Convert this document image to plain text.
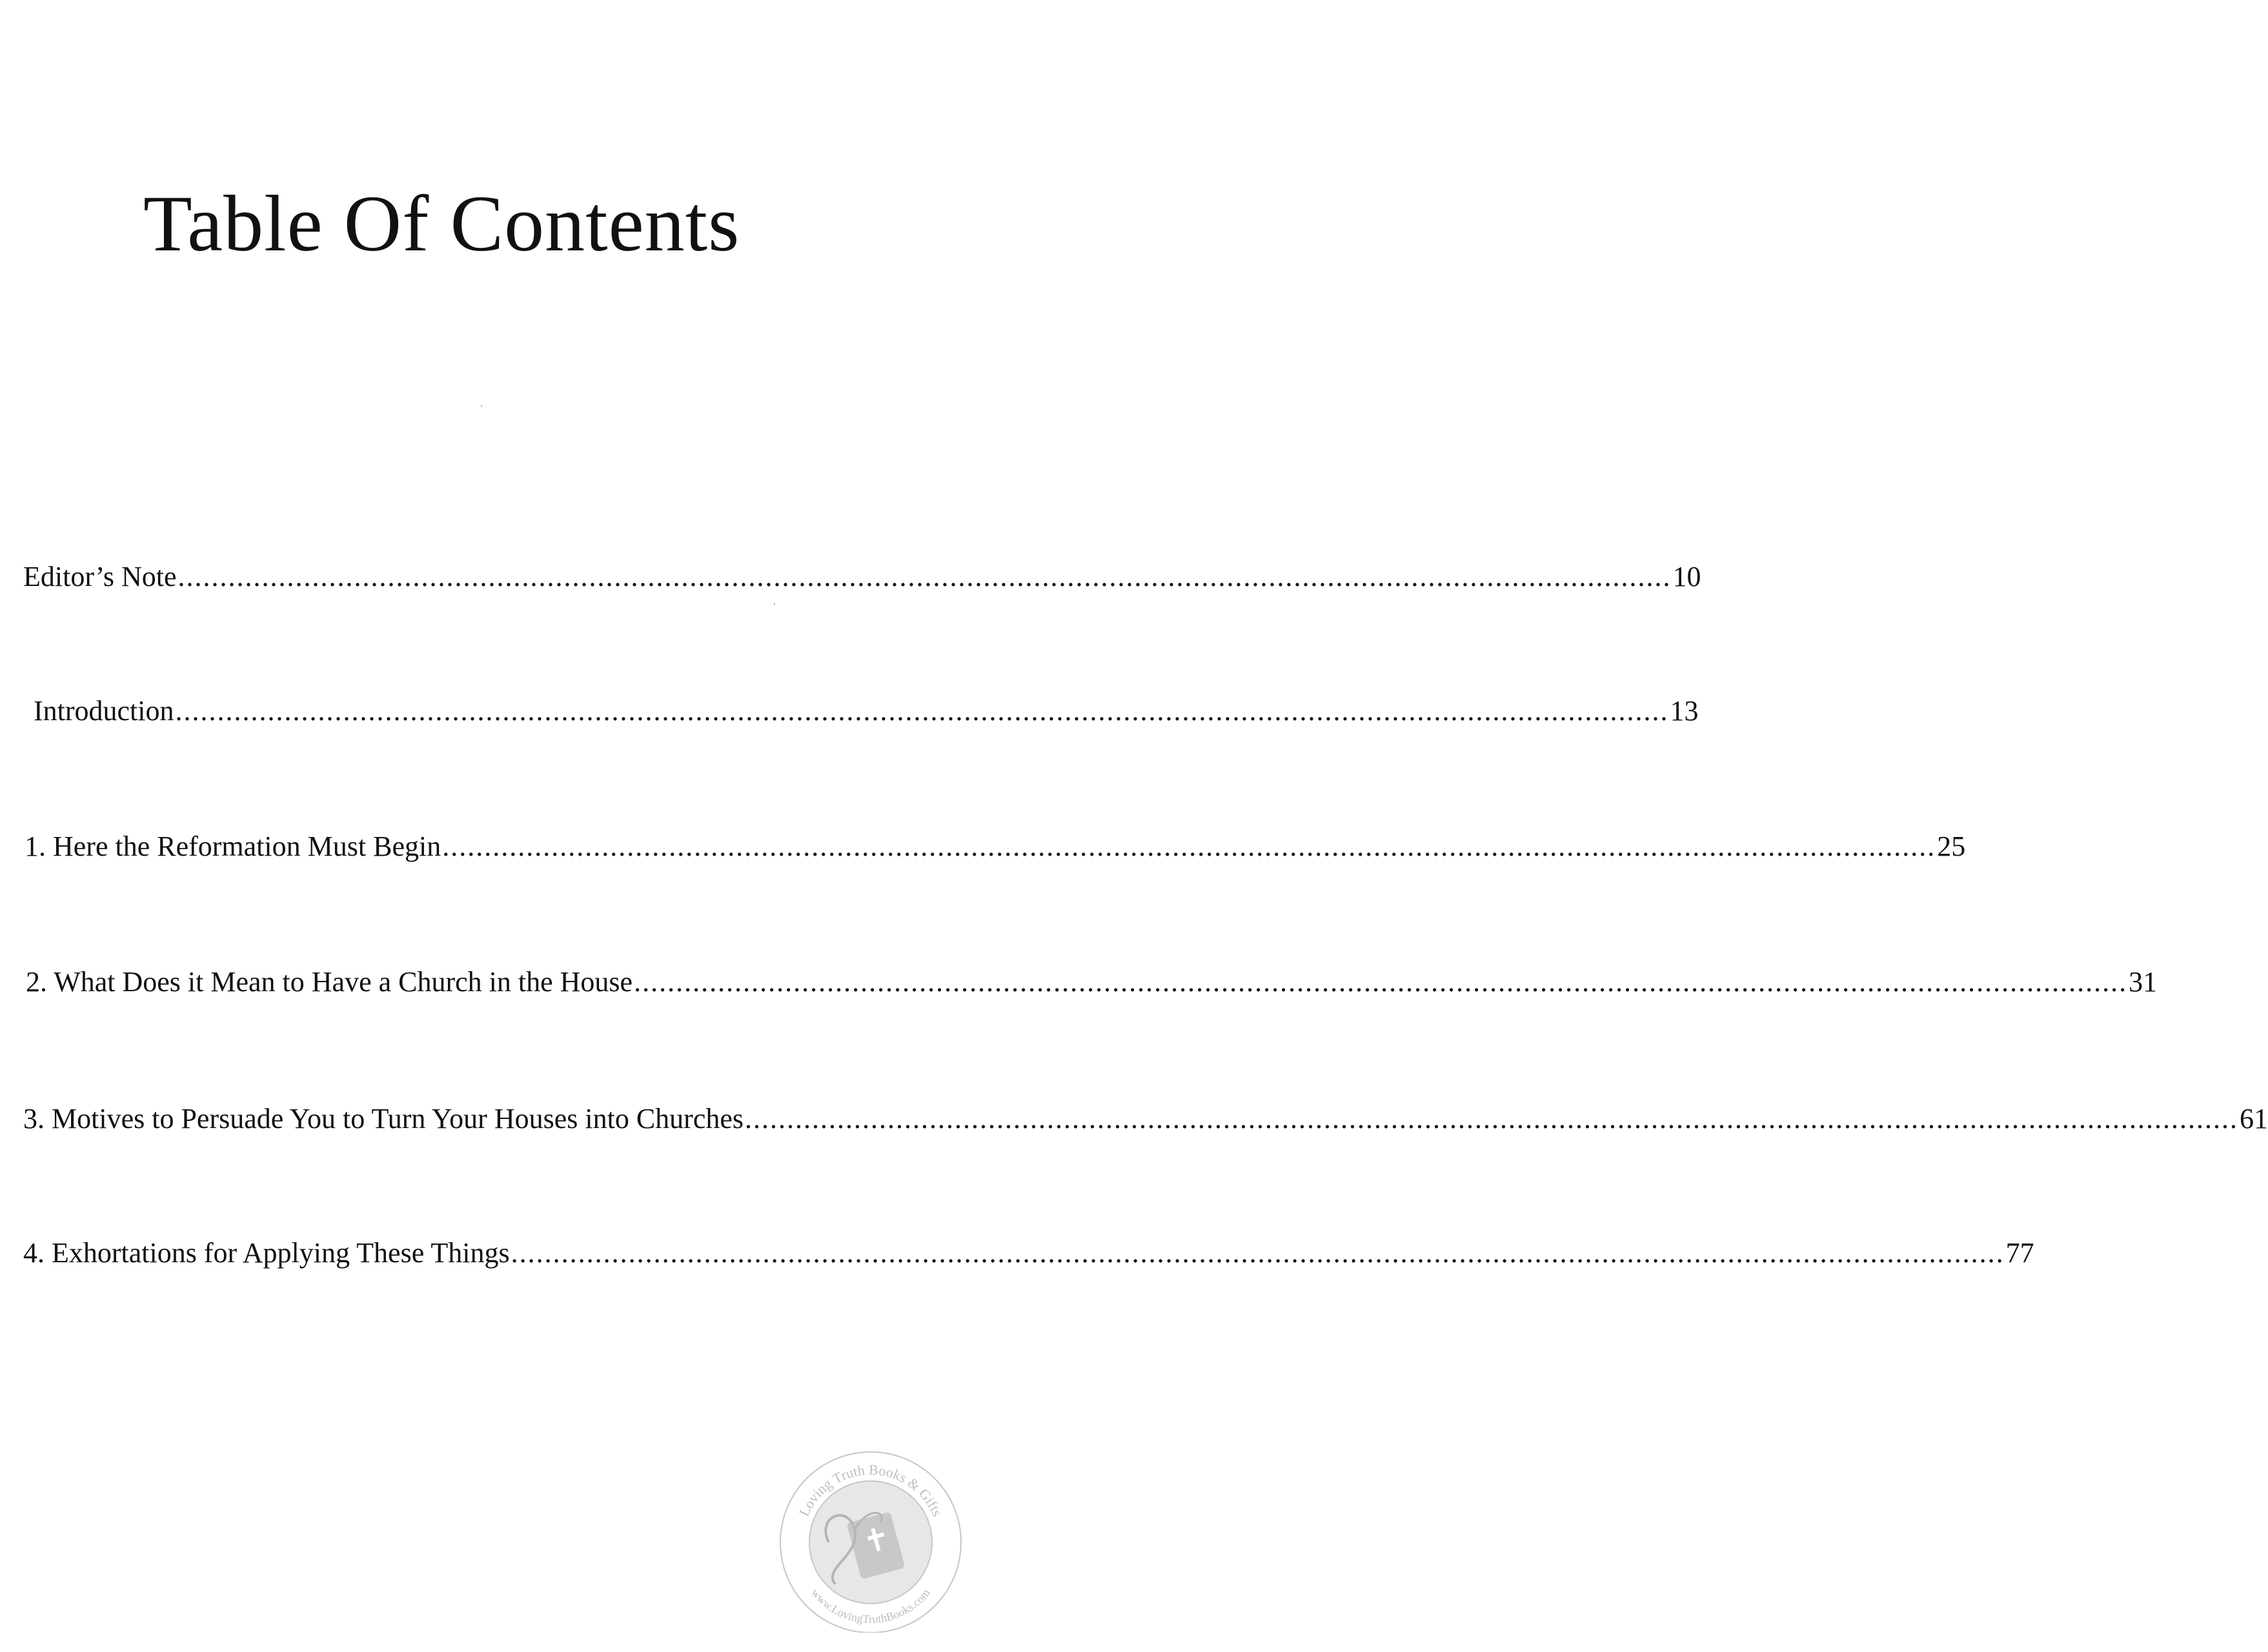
Table Of Contents
Editor’s Note .................................................................................................................................................................................. 10
Introduction .................................................................................................................................................................................. 13
1. Here the Reformation Must Begin .................................................................................................................................................................................. 25
2. What Does it Mean to Have a Church in the House .................................................................................................................................................................................. 31
3. Motives to Persuade You to Turn Your Houses into Churches .................................................................................................................................................................................. 61
4. Exhortations for Applying These Things .................................................................................................................................................................................. 77
Loving Truth Books & Gifts
www.LovingTruthBooks.com
